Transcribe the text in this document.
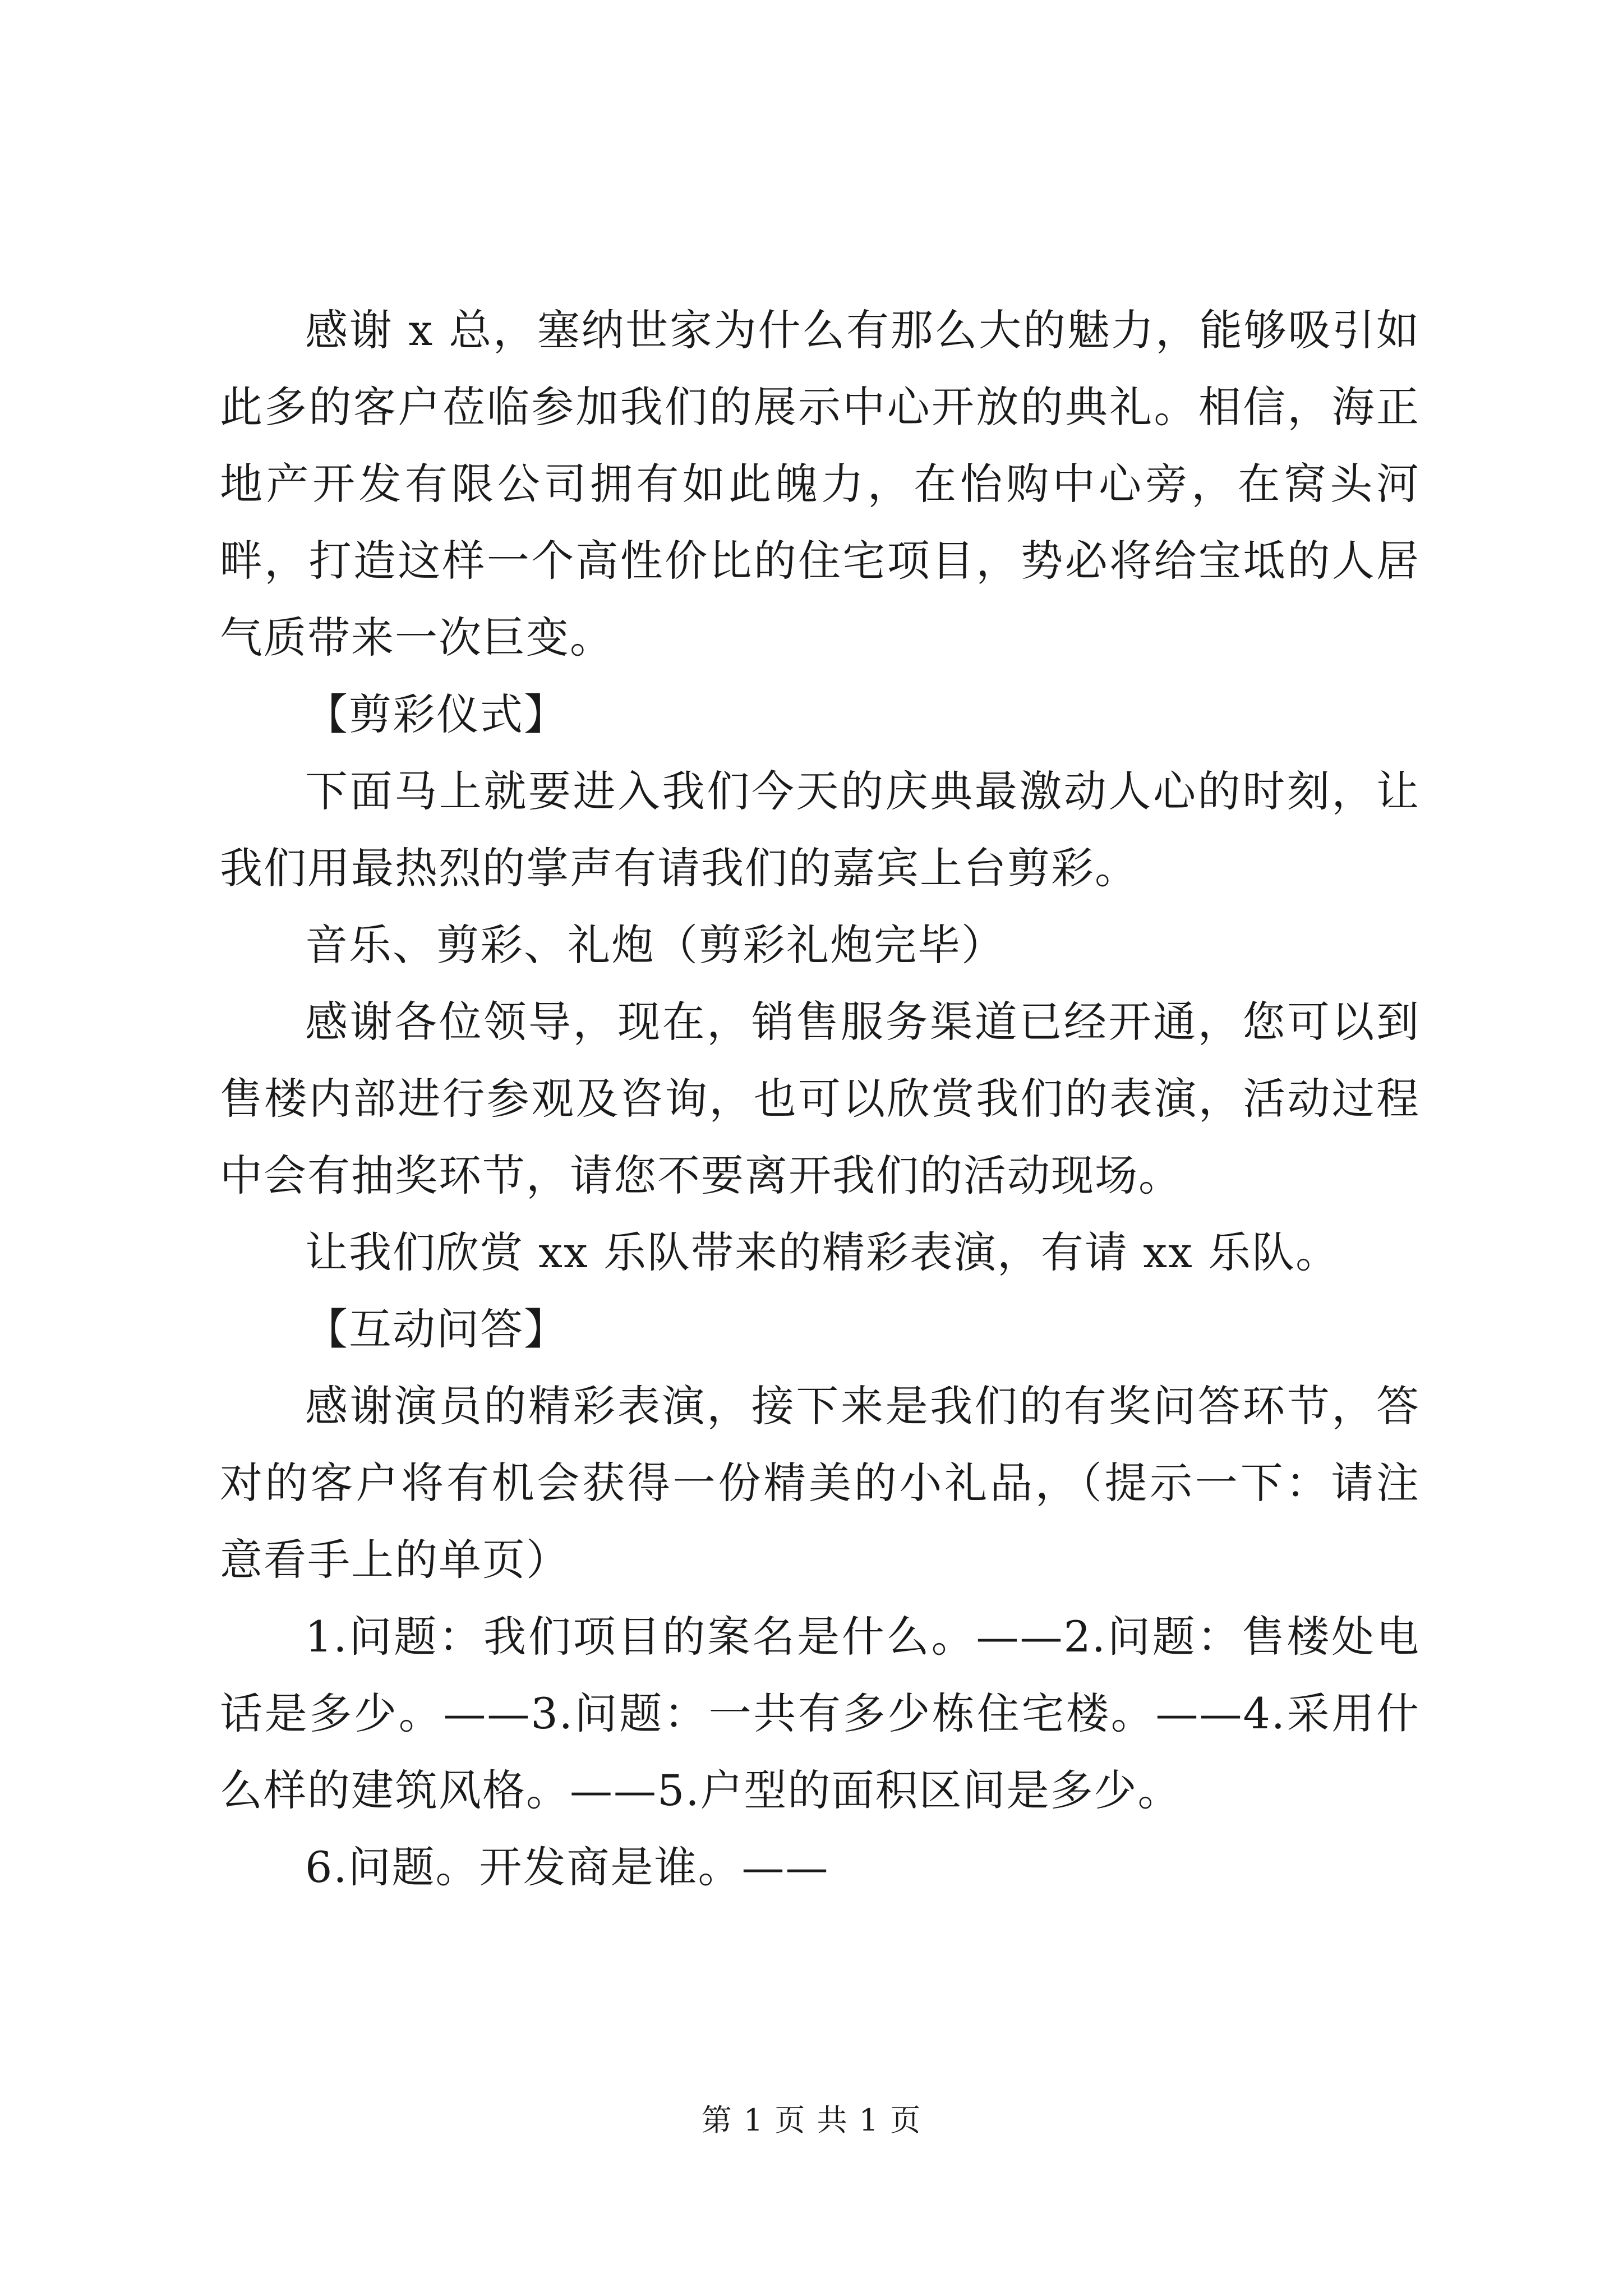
感谢 x 总，塞纳世家为什么有那么大的魅力，能够吸引如此多的客户莅临参加我们的展示中心开放的典礼。相信，海正地产开发有限公司拥有如此魄力，在怡购中心旁，在窝头河畔，打造这样一个高性价比的住宅项目，势必将给宝坻的人居气质带来一次巨变。

【剪彩仪式】

下面马上就要进入我们今天的庆典最激动人心的时刻，让我们用最热烈的掌声有请我们的嘉宾上台剪彩。

音乐、剪彩、礼炮（剪彩礼炮完毕）

感谢各位领导，现在，销售服务渠道已经开通，您可以到售楼内部进行参观及咨询，也可以欣赏我们的表演，活动过程中会有抽奖环节，请您不要离开我们的活动现场。

让我们欣赏 xx 乐队带来的精彩表演，有请 xx 乐队。

【互动问答】

感谢演员的精彩表演，接下来是我们的有奖问答环节，答对的客户将有机会获得一份精美的小礼品，（提示一下：请注意看手上的单页）

1.问题：我们项目的案名是什么。——2.问题：售楼处电话是多少。——3.问题：一共有多少栋住宅楼。——4.采用什么样的建筑风格。——5.户型的面积区间是多少。

6.问题。开发商是谁。——

第 1 页 共 1 页
